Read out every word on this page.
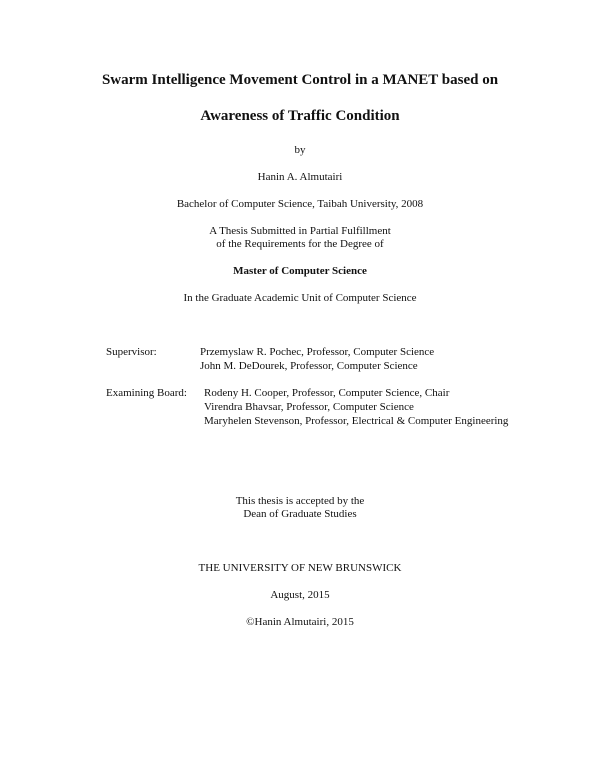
Swarm Intelligence Movement Control in a MANET based on
Awareness of Traffic Condition
by
Hanin A. Almutairi
Bachelor of Computer Science, Taibah University, 2008
A Thesis Submitted in Partial Fulfillment
of the Requirements for the Degree of
Master of Computer Science
In the Graduate Academic Unit of Computer Science
Supervisor:	Przemyslaw R. Pochec, Professor, Computer Science
John M. DeDourek, Professor, Computer Science
Examining Board: Rodeny H. Cooper, Professor, Computer Science, Chair
Virendra Bhavsar, Professor, Computer Science
Maryhelen Stevenson, Professor, Electrical & Computer Engineering
This thesis is accepted by the
Dean of Graduate Studies
THE UNIVERSITY OF NEW BRUNSWICK
August, 2015
©Hanin Almutairi, 2015
